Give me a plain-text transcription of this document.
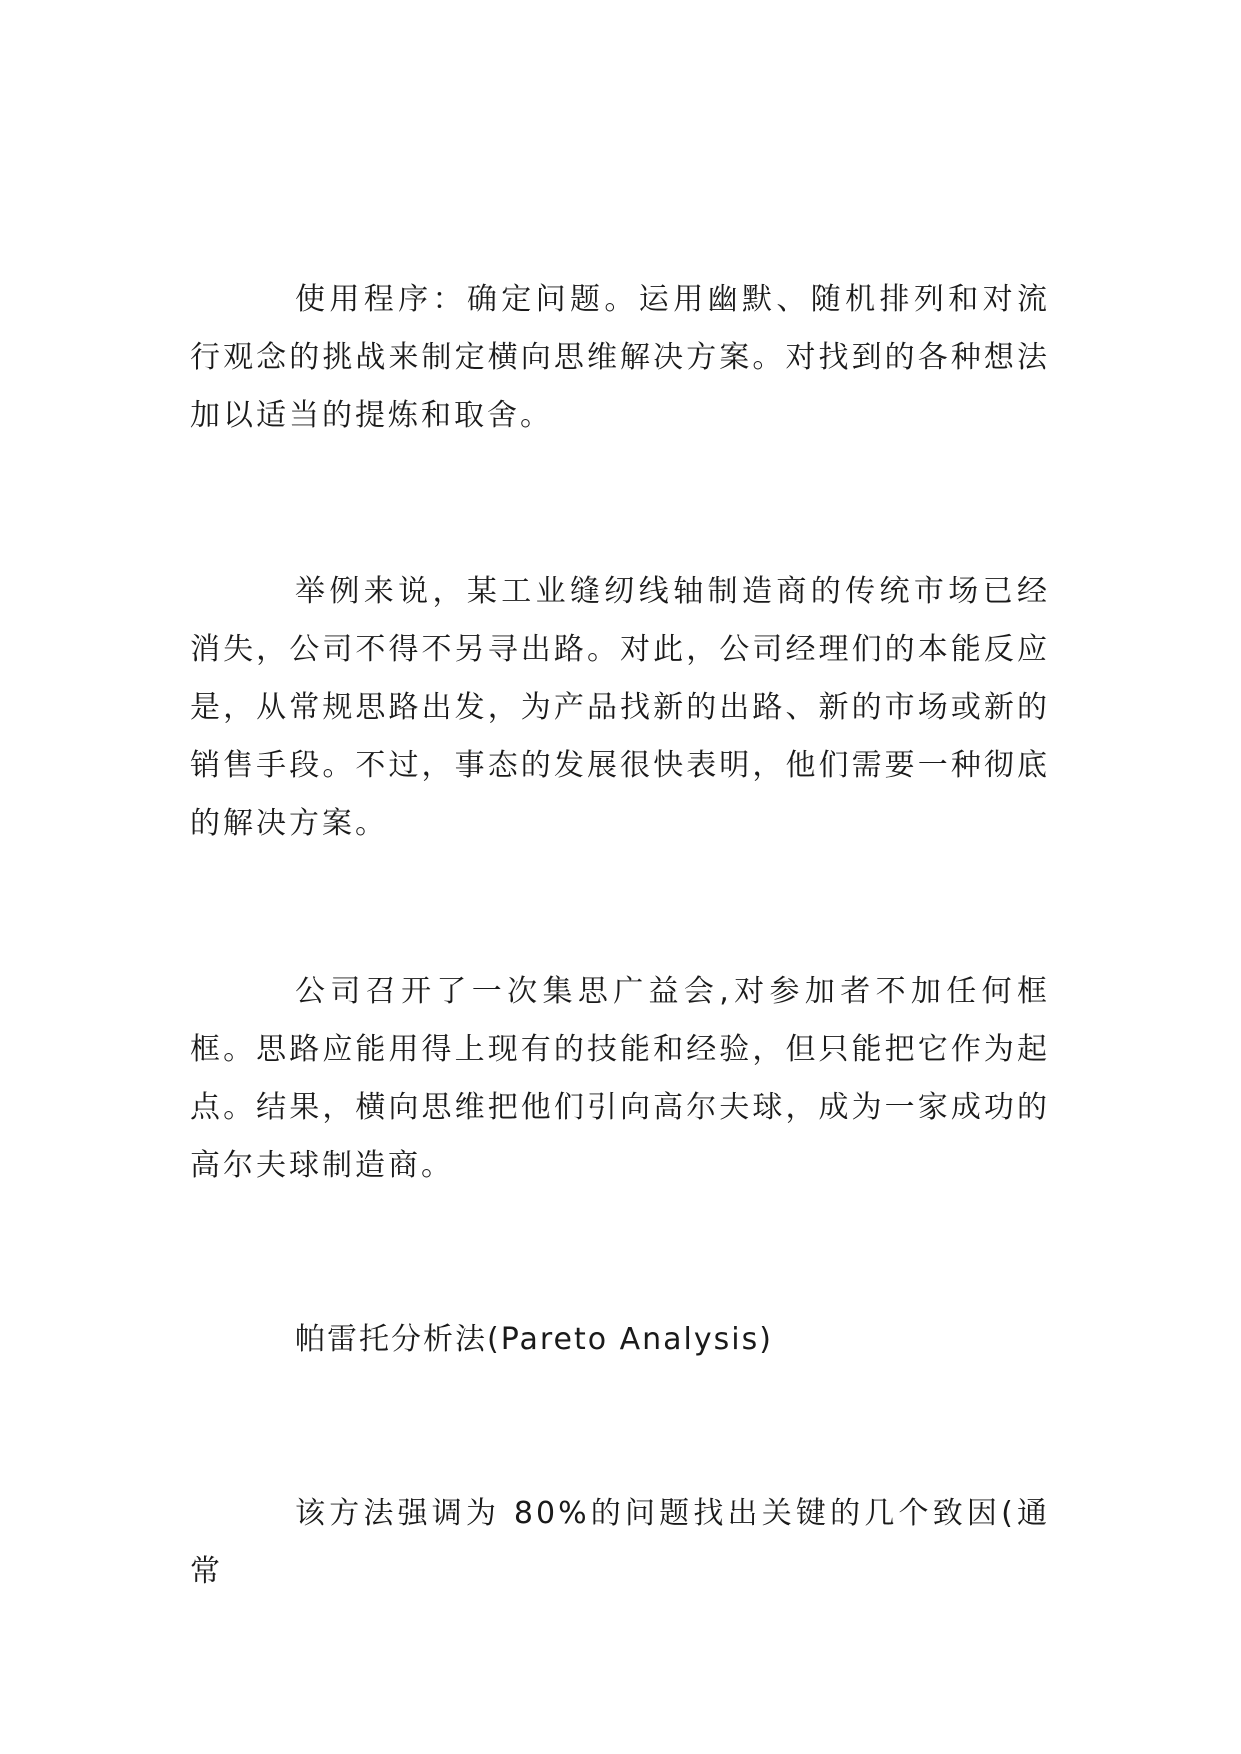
使用程序：确定问题。运用幽默、随机排列和对流行观念的挑战来制定横向思维解决方案。对找到的各种想法加以适当的提炼和取舍。

举例来说，某工业缝纫线轴制造商的传统市场已经消失，公司不得不另寻出路。对此，公司经理们的本能反应是，从常规思路出发，为产品找新的出路、新的市场或新的销售手段。不过，事态的发展很快表明，他们需要一种彻底的解决方案。

公司召开了一次集思广益会,对参加者不加任何框框。思路应能用得上现有的技能和经验，但只能把它作为起点。结果，横向思维把他们引向高尔夫球，成为一家成功的高尔夫球制造商。

帕雷托分析法(Pareto Analysis)

该方法强调为 80%的问题找出关键的几个致因(通常
